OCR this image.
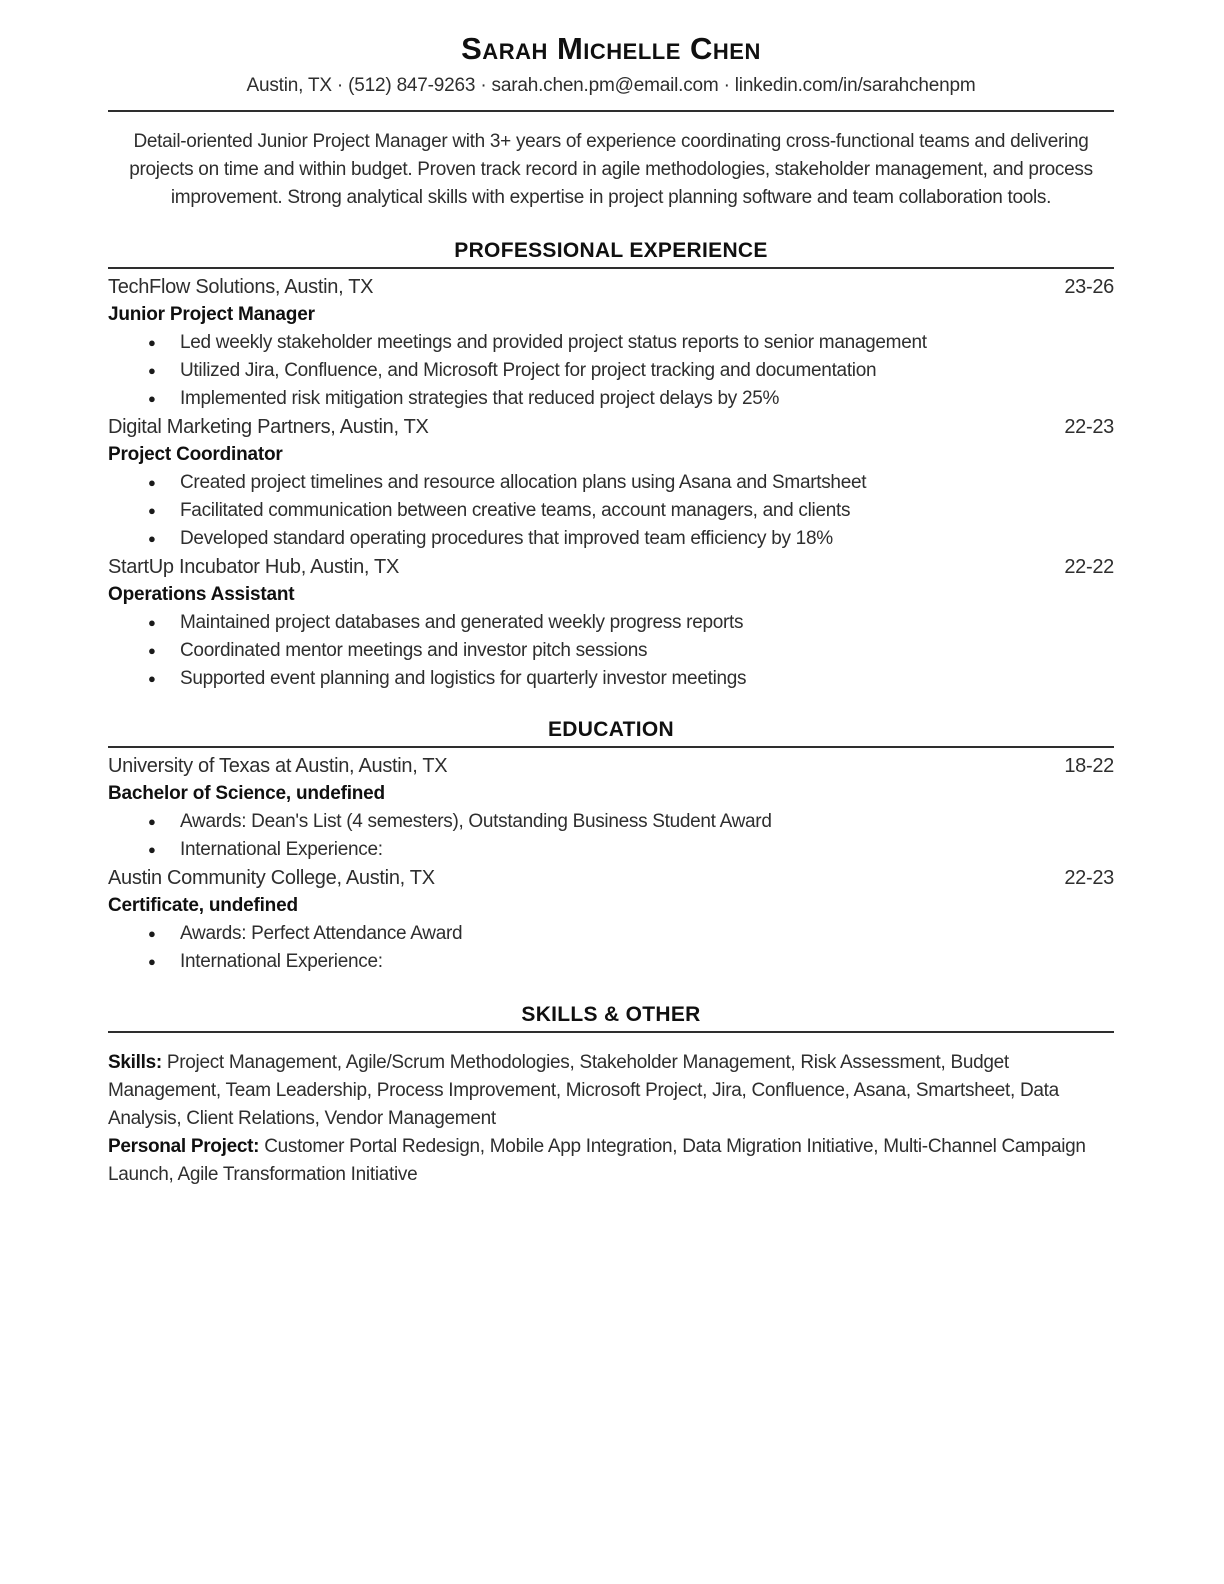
Sarah Michelle Chen
Austin, TX · (512) 847-9263 · sarah.chen.pm@email.com · linkedin.com/in/sarahchenpm

Detail-oriented Junior Project Manager with 3+ years of experience coordinating cross-functional teams and delivering projects on time and within budget. Proven track record in agile methodologies, stakeholder management, and process improvement. Strong analytical skills with expertise in project planning software and team collaboration tools.

PROFESSIONAL EXPERIENCE
TechFlow Solutions, Austin, TX	23-26
Junior Project Manager
●	Led weekly stakeholder meetings and provided project status reports to senior management
●	Utilized Jira, Confluence, and Microsoft Project for project tracking and documentation
●	Implemented risk mitigation strategies that reduced project delays by 25%
Digital Marketing Partners, Austin, TX	22-23
Project Coordinator
●	Created project timelines and resource allocation plans using Asana and Smartsheet
●	Facilitated communication between creative teams, account managers, and clients
●	Developed standard operating procedures that improved team efficiency by 18%
StartUp Incubator Hub, Austin, TX	22-22
Operations Assistant
●	Maintained project databases and generated weekly progress reports
●	Coordinated mentor meetings and investor pitch sessions
●	Supported event planning and logistics for quarterly investor meetings
EDUCATION
University of Texas at Austin, Austin, TX	18-22
Bachelor of Science, undefined
●	Awards: Dean's List (4 semesters), Outstanding Business Student Award
●	International Experience:
Austin Community College, Austin, TX	22-23
Certificate, undefined
●	Awards: Perfect Attendance Award
●	International Experience:
SKILLS & OTHER

Skills: Project Management, Agile/Scrum Methodologies, Stakeholder Management, Risk Assessment, Budget Management, Team Leadership, Process Improvement, Microsoft Project, Jira, Confluence, Asana, Smartsheet, Data Analysis, Client Relations, Vendor Management

Personal Project: Customer Portal Redesign, Mobile App Integration, Data Migration Initiative, Multi-Channel Campaign Launch, Agile Transformation Initiative
